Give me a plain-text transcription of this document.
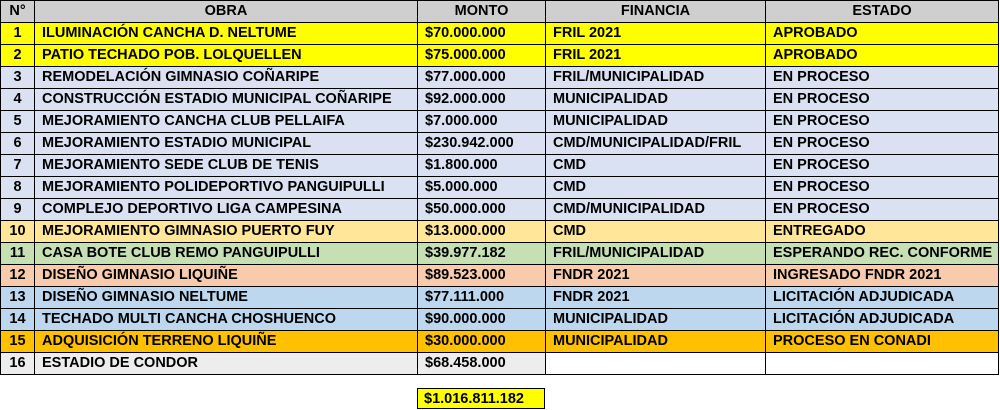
N°	OBRA	MONTO	FINANCIA	ESTADO
1	ILUMINACIÓN CANCHA D. NELTUME	$70.000.000	FRIL 2021	APROBADO
2	PATIO TECHADO POB. LOLQUELLEN	$75.000.000	FRIL 2021	APROBADO
3	REMODELACIÓN GIMNASIO COÑARIPE	$77.000.000	FRIL/MUNICIPALIDAD	EN PROCESO
4	CONSTRUCCIÓN ESTADIO MUNICIPAL COÑARIPE	$92.000.000	MUNICIPALIDAD	EN PROCESO
5	MEJORAMIENTO CANCHA CLUB PELLAIFA	$7.000.000	MUNICIPALIDAD	EN PROCESO
6	MEJORAMIENTO ESTADIO MUNICIPAL	$230.942.000	CMD/MUNICIPALIDAD/FRIL	EN PROCESO
7	MEJORAMIENTO SEDE CLUB DE TENIS	$1.800.000	CMD	EN PROCESO
8	MEJORAMIENTO POLIDEPORTIVO PANGUIPULLI	$5.000.000	CMD	EN PROCESO
9	COMPLEJO DEPORTIVO LIGA CAMPESINA	$50.000.000	CMD/MUNICIPALIDAD	EN PROCESO
10	MEJORAMIENTO GIMNASIO PUERTO FUY	$13.000.000	CMD	ENTREGADO
11	CASA BOTE CLUB REMO PANGUIPULLI	$39.977.182	FRIL/MUNICIPALIDAD	ESPERANDO REC. CONFORME
12	DISEÑO GIMNASIO LIQUIÑE	$89.523.000	FNDR 2021	INGRESADO FNDR 2021
13	DISEÑO GIMNASIO NELTUME	$77.111.000	FNDR 2021	LICITACIÓN ADJUDICADA
14	TECHADO MULTI CANCHA CHOSHUENCO	$90.000.000	MUNICIPALIDAD	LICITACIÓN ADJUDICADA
15	ADQUISICIÓN TERRENO LIQUIÑE	$30.000.000	MUNICIPALIDAD	PROCESO EN CONADI
16	ESTADIO DE CONDOR	$68.458.000		
$1.016.811.182
